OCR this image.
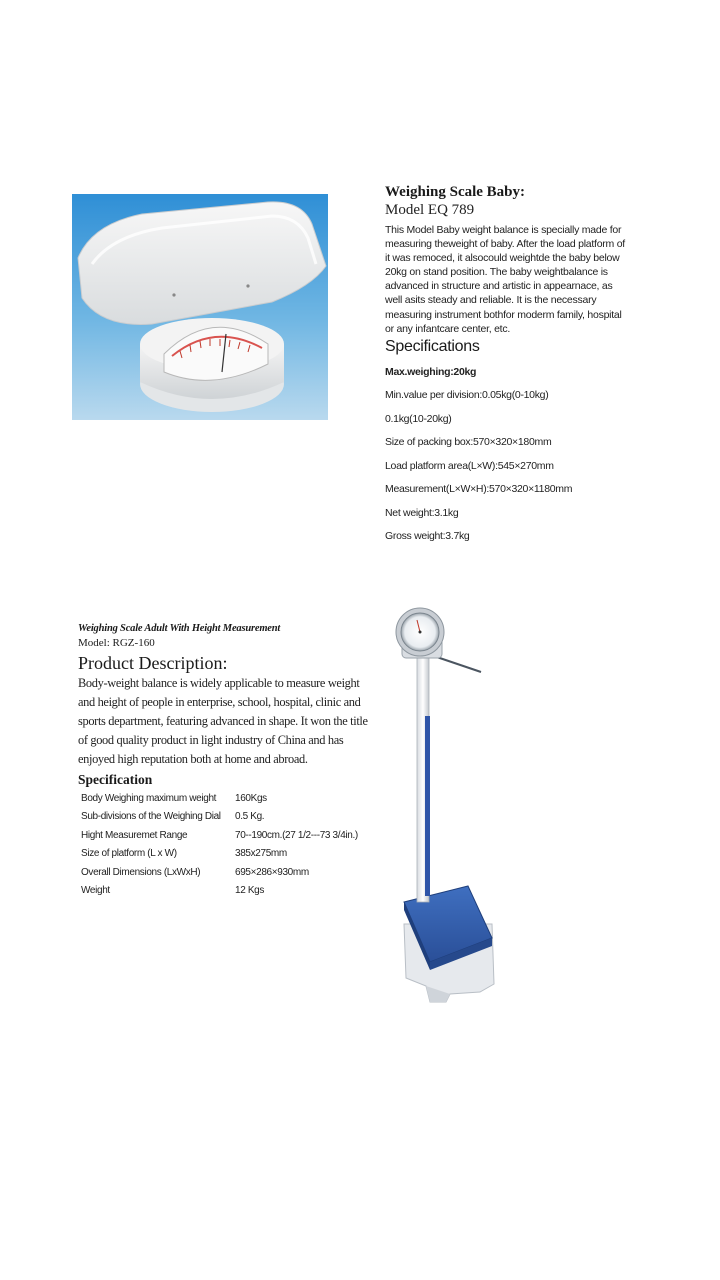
Weighing Scale Baby:

Model EQ 789

This Model Baby weight balance is specially made for measuring theweight of baby. After the load platform of it was remoced, it alsocould weightde the baby below 20kg on stand position. The baby weightbalance is advanced in structure and artistic in appearnace, as well asits steady and reliable. It is the necessary measuring instrument bothfor moderm family, hospital or any infantcare center, etc.

Specifications

Max.weighing:20kg

Min.value per division:0.05kg(0-10kg)

0.1kg(10-20kg)

Size of packing box:570×320×180mm

Load platform area(L×W):545×270mm

Measurement(L×W×H):570×320×1180mm

Net weight:3.1kg

Gross weight:3.7kg

Weighing Scale Adult With Height Measurement

Model: RGZ-160

Product Description:

Body-weight balance is widely applicable to measure weight and height of people in enterprise, school, hospital, clinic and sports department, featuring advanced in shape. It won the title of good quality product in light industry of China and has enjoyed high reputation both at home and abroad.

Specification

Body Weighing maximum weight	160Kgs
Sub-divisions of the Weighing Dial	0.5 Kg.
Hight Measuremet Range	70--190cm.(27 1/2---73 3/4in.)
Size of platform (L x W)	385x275mm
Overall Dimensions (LxWxH)	695×286×930mm
Weight	12 Kgs
